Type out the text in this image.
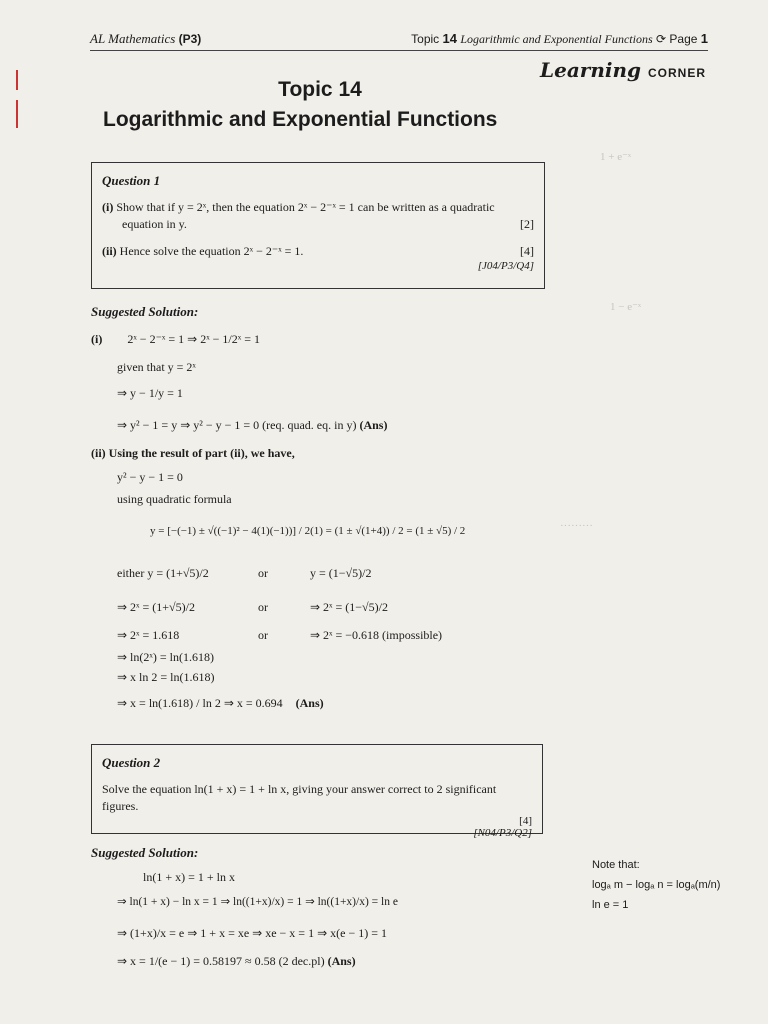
1 + e⁻ˣ
1 − e⁻ˣ
·········
AL Mathematics (P3)	Topic 14 Logarithmic and Exponential Functions ⟳ Page 1
Learning CORNER
Topic 14
Logarithmic and Exponential Functions
Question 1
(i) Show that if y = 2ˣ, then the equation 2ˣ − 2⁻ˣ = 1 can be written as a quadratic
equation in y.	[2]
(ii) Hence solve the equation 2ˣ − 2⁻ˣ = 1.	[4]
[J04/P3/Q4]
Suggested Solution:
(i) 2ˣ − 2⁻ˣ = 1 ⇒ 2ˣ − 1/2ˣ = 1
given that y = 2ˣ
⇒ y − 1/y = 1
⇒ y² − 1 = y ⇒ y² − y − 1 = 0 (req. quad. eq. in y) (Ans)
(ii) Using the result of part (ii), we have,
y² − y − 1 = 0
using quadratic formula
y = [−(−1) ± √((−1)² − 4(1)(−1))] / 2(1) = (1 ± √(1+4)) / 2 = (1 ± √5) / 2
either y = (1+√5)/2	or	y = (1−√5)/2
⇒ 2ˣ = (1+√5)/2	or	⇒ 2ˣ = (1−√5)/2
⇒ 2ˣ = 1.618	or	⇒ 2ˣ = −0.618 (impossible)
⇒ ln(2ˣ) = ln(1.618)
⇒ x ln 2 = ln(1.618)
⇒ x = ln(1.618) / ln 2 ⇒ x = 0.694 (Ans)
Question 2
Solve the equation ln(1 + x) = 1 + ln x, giving your answer correct to 2 significant figures.
[4]
[N04/P3/Q2]
Suggested Solution:
ln(1 + x) = 1 + ln x
⇒ ln(1 + x) − ln x = 1 ⇒ ln((1+x)/x) = 1 ⇒ ln((1+x)/x) = ln e
⇒ (1+x)/x = e ⇒ 1 + x = xe ⇒ xe − x = 1 ⇒ x(e − 1) = 1
⇒ x = 1/(e − 1) = 0.58197 ≈ 0.58 (2 dec.pl) (Ans)
Note that:
logₐ m − logₐ n = logₐ(m/n)
ln e = 1
